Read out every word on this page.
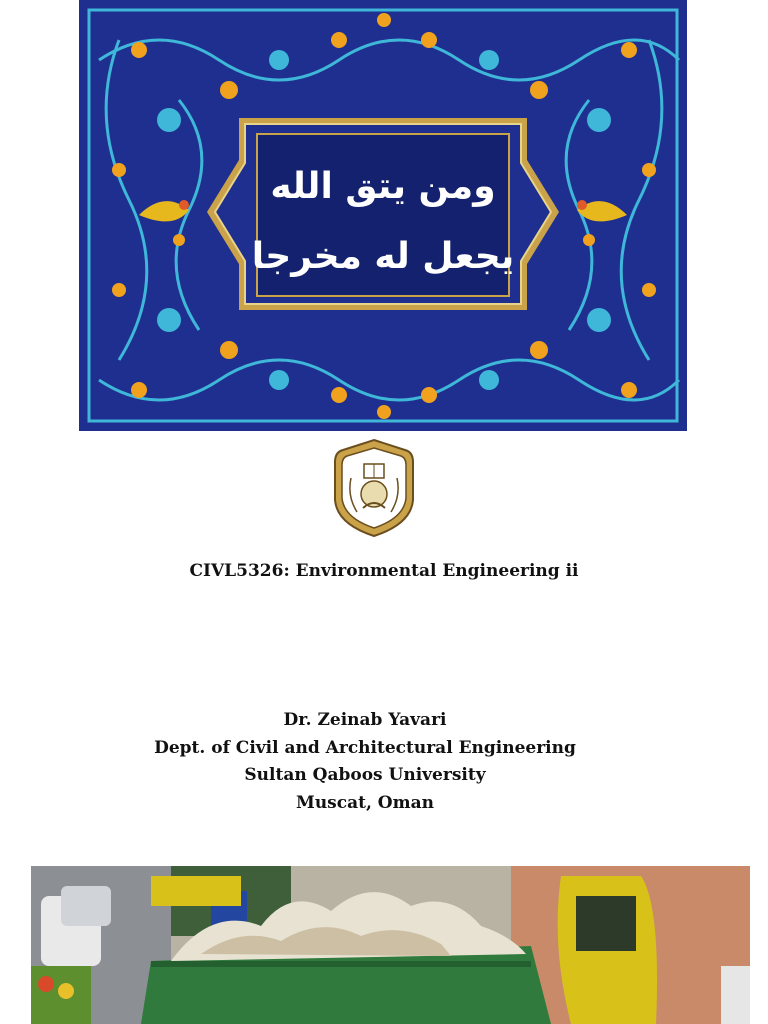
ومن يتق الله
يجعل له مخرجا
CIVL5326: Environmental Engineering ii
Dr. Zeinab Yavari
Dept. of Civil and Architectural Engineering
Sultan Qaboos University
Muscat, Oman
